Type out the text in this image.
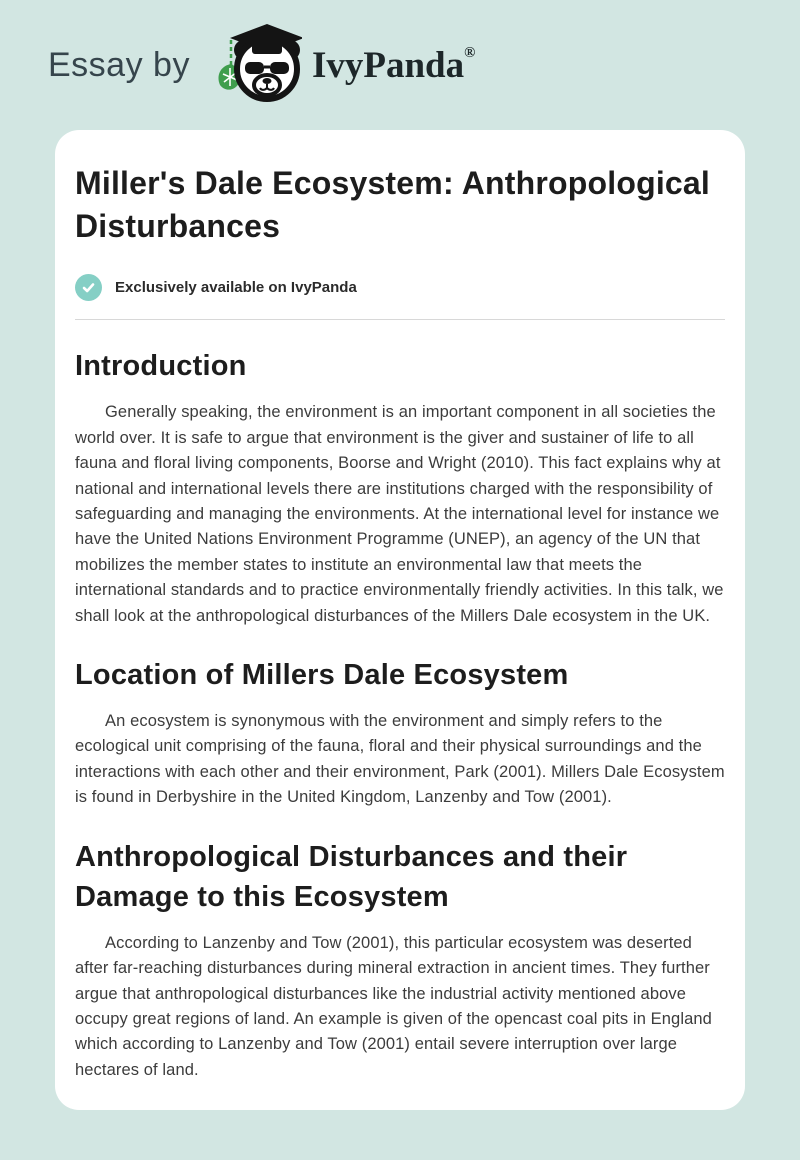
Essay by	IvyPanda®
Miller's Dale Ecosystem: Anthropological Disturbances
Exclusively available on IvyPanda
Introduction

Generally speaking, the environment is an important component in all societies the world over. It is safe to argue that environment is the giver and sustainer of life to all fauna and floral living components, Boorse and Wright (2010). This fact explains why at national and international levels there are institutions charged with the responsibility of safeguarding and managing the environments. At the international level for instance we have the United Nations Environment Programme (UNEP), an agency of the UN that mobilizes the member states to institute an environmental law that meets the international standards and to practice environmentally friendly activities. In this talk, we shall look at the anthropological disturbances of the Millers Dale ecosystem in the UK.

Location of Millers Dale Ecosystem

An ecosystem is synonymous with the environment and simply refers to the ecological unit comprising of the fauna, floral and their physical surroundings and the interactions with each other and their environment, Park (2001). Millers Dale Ecosystem is found in Derbyshire in the United Kingdom, Lanzenby and Tow (2001).

Anthropological Disturbances and their Damage to this Ecosystem

According to Lanzenby and Tow (2001), this particular ecosystem was deserted after far-reaching disturbances during mineral extraction in ancient times. They further argue that anthropological disturbances like the industrial activity mentioned above occupy great regions of land. An example is given of the opencast coal pits in England which according to Lanzenby and Tow (2001) entail severe interruption over large hectares of land.
